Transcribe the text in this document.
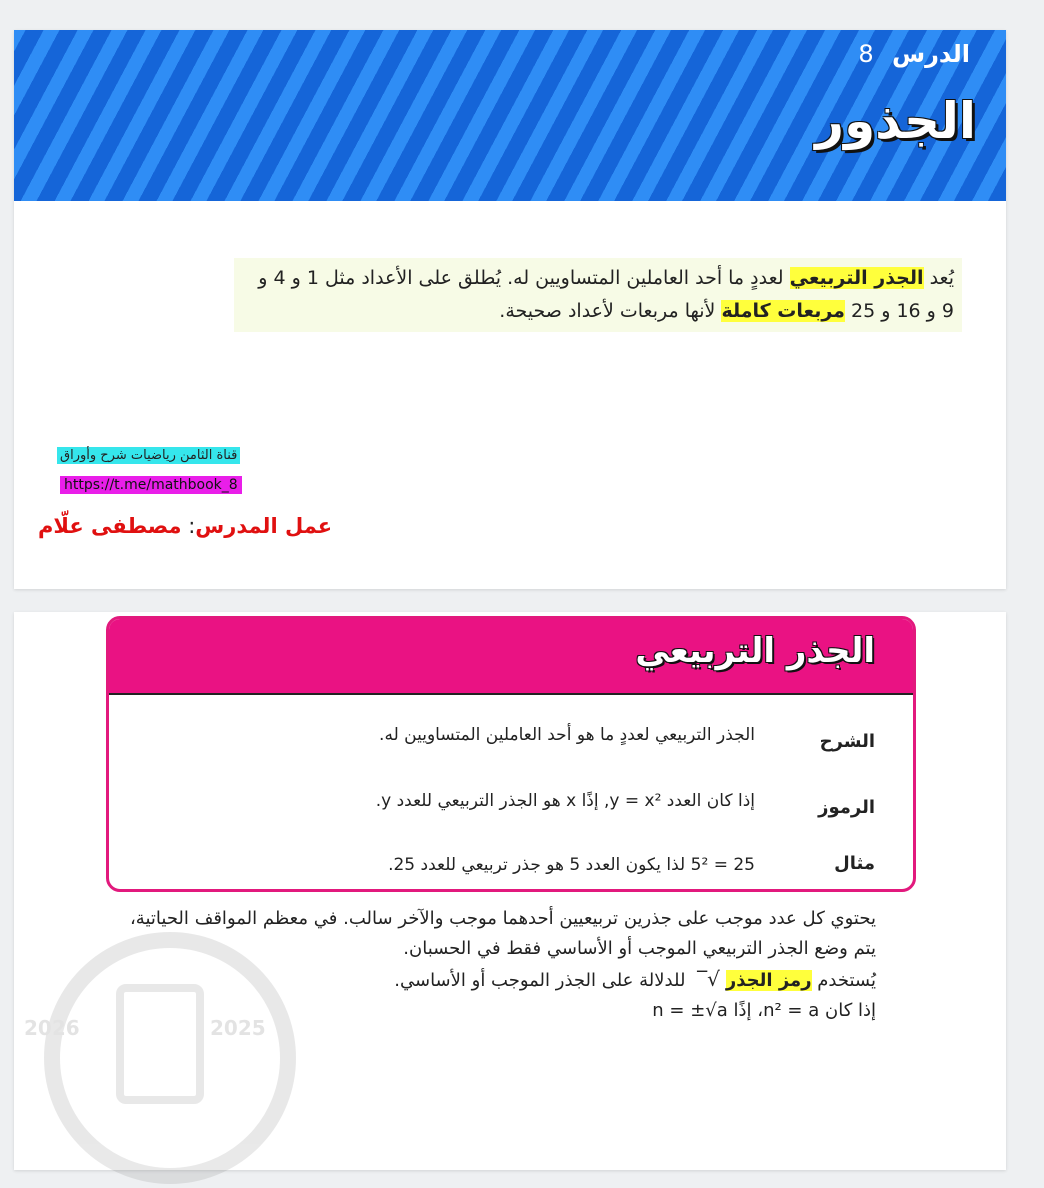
الدرس 8
الجذور
يُعد الجذر التربيعي لعددٍ ما أحد العاملين المتساويين له. يُطلق على الأعداد مثل 1 و 4 و 9 و 16 و 25 مربعات كاملة لأنها مربعات لأعداد صحيحة.
قناة الثامن رياضيات شرح وأوراق
https://t.me/mathbook_8
عمل المدرس: مصطفى علّام
2026	2025
الجذر التربيعي
الشرح
الجذر التربيعي لعددٍ ما هو أحد العاملين المتساويين له.
الرموز
إذا كان العدد y = x², إذًا x هو الجذر التربيعي للعدد y.
مثال
25 = 5² لذا يكون العدد 5 هو جذر تربيعي للعدد 25.

يحتوي كل عدد موجب على جذرين تربيعيين أحدهما موجب والآخر سالب. في معظم المواقف الحياتية، يتم وضع الجذر التربيعي الموجب أو الأساسي فقط في الحسبان.

يُستخدم رمز الجذر√‾ للدلالة على الجذر الموجب أو الأساسي.

إذا كان n² = a، إذًا n = ±√a
